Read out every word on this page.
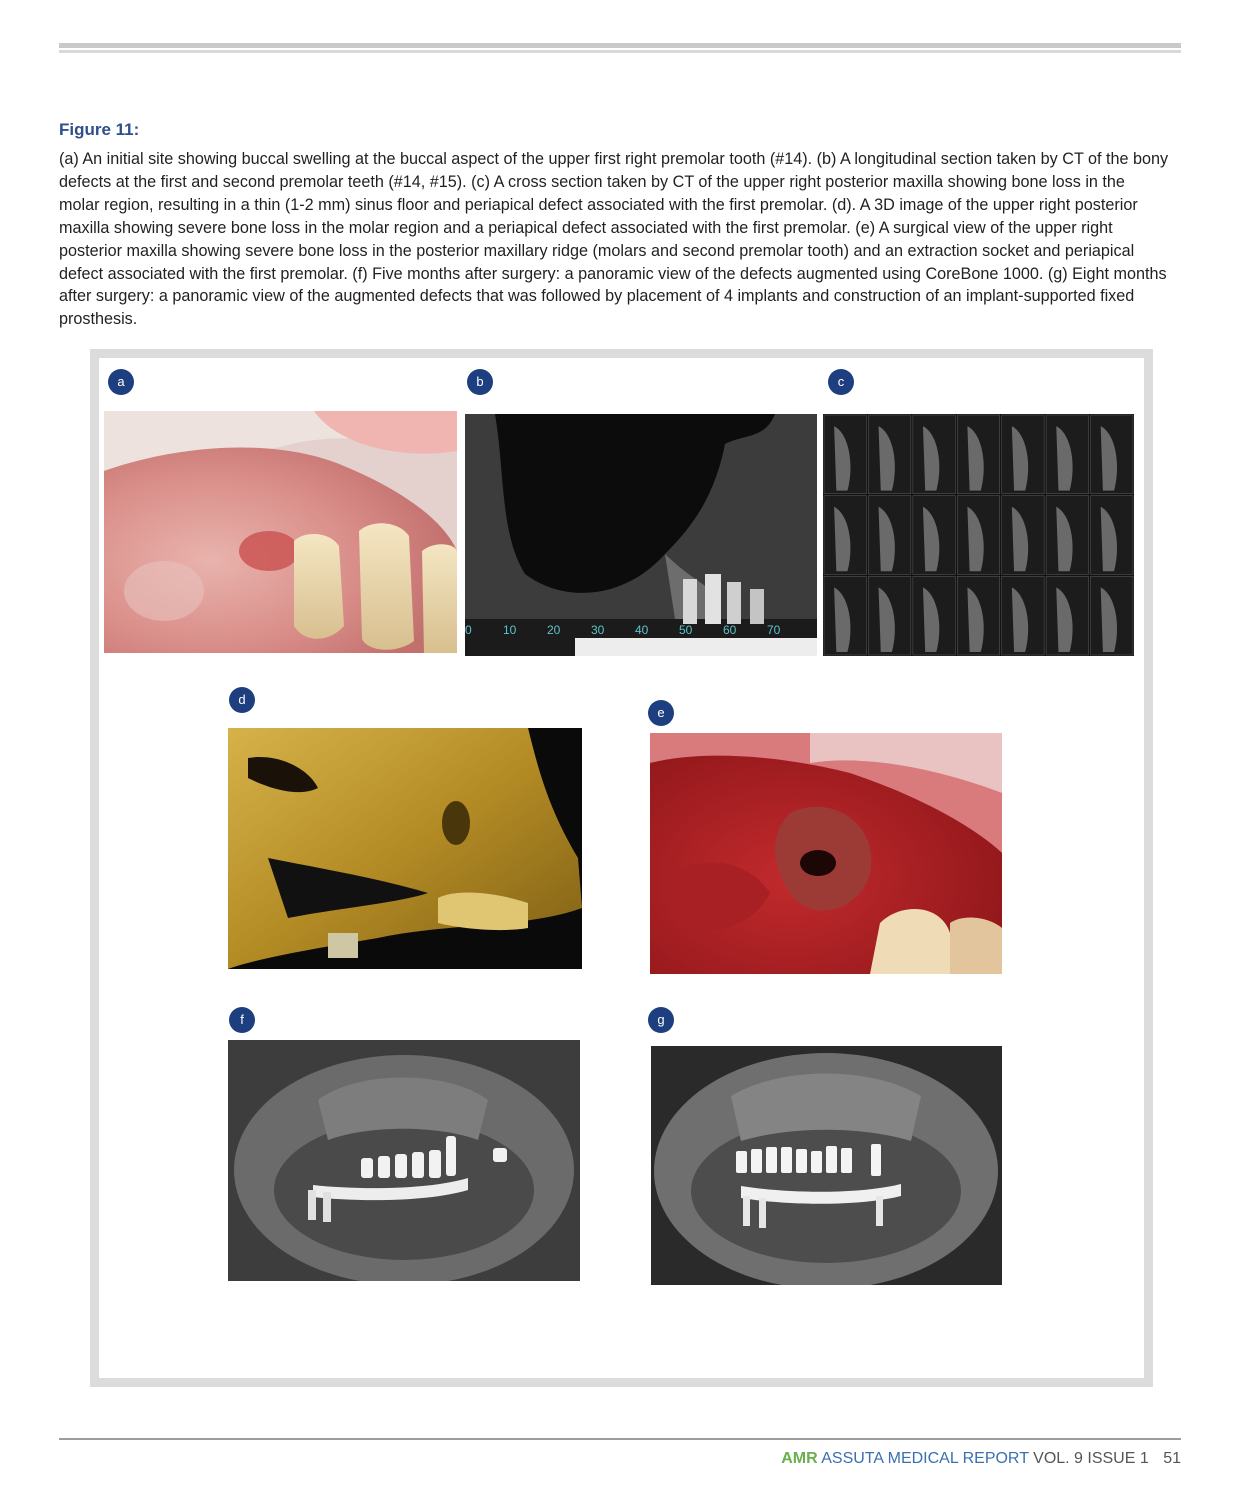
Figure 11:
(a) An initial site showing buccal swelling at the buccal aspect of the upper first right premolar tooth (#14). (b) A longitudinal section taken by CT of the bony defects at the first and second premolar teeth (#14, #15). (c) A cross section taken by CT of the upper right posterior maxilla showing bone loss in the molar region, resulting in a thin (1-2 mm) sinus floor and periapical defect associated with the first premolar. (d). A 3D image of the upper right posterior maxilla showing severe bone loss in the molar region and a periapical defect associated with the first premolar. (e) A surgical view of the upper right posterior maxilla showing severe bone loss in the posterior maxillary ridge (molars and second premolar tooth) and an extraction socket and periapical defect associated with the first premolar. (f) Five months after surgery: a panoramic view of the defects augmented using CoreBone 1000. (g) Eight months after surgery: a panoramic view of the augmented defects that was followed by placement of 4 implants and construction of an implant-supported fixed prosthesis.
a	b
0	10	20	30	40	50	60	70
c
d
e
f	g
AMR ASSUTA MEDICAL REPORT VOL. 9 ISSUE 1 51
